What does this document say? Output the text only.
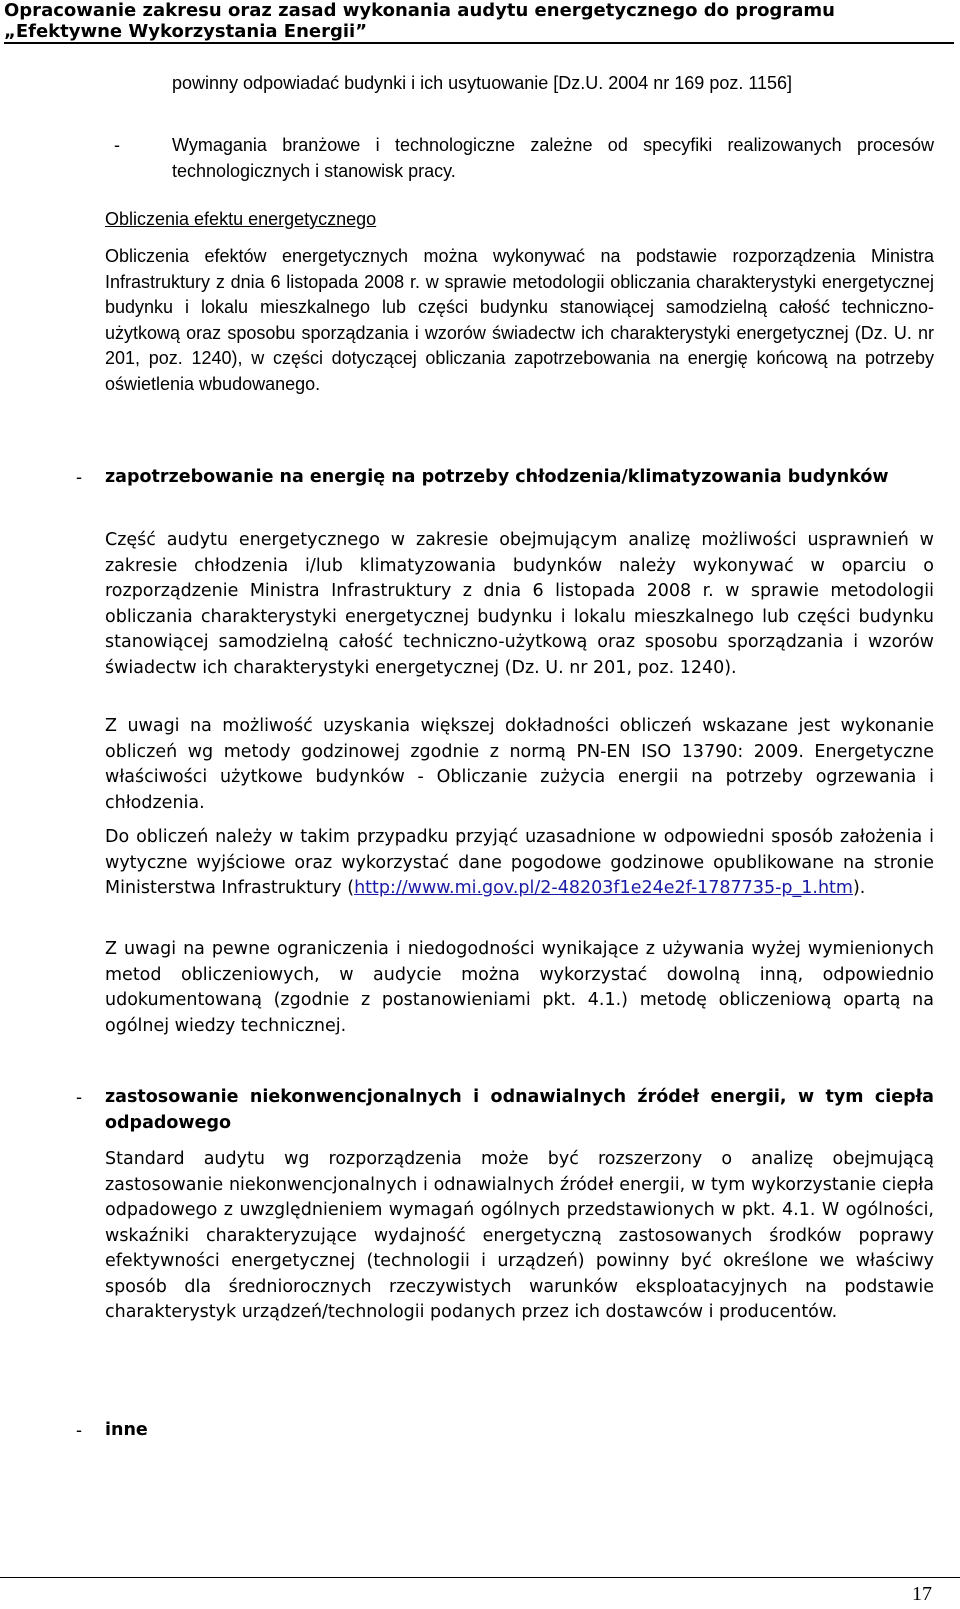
Opracowanie zakresu oraz zasad wykonania audytu energetycznego do programu
„Efektywne Wykorzystania Energii”

powinny odpowiadać budynki i ich usytuowanie [Dz.U. 2004 nr 169 poz. 1156]

-	Wymagania branżowe i technologiczne zależne od specyfiki realizowanych procesów technologicznych i stanowisk pracy.

Obliczenia efektu energetycznego

Obliczenia efektów energetycznych można wykonywać na podstawie rozporządzenia Ministra Infrastruktury z dnia 6 listopada 2008 r. w sprawie metodologii obliczania charakterystyki energetycznej budynku i lokalu mieszkalnego lub części budynku stanowiącej samodzielną całość techniczno-użytkową oraz sposobu sporządzania i wzorów świadectw ich charakterystyki energetycznej (Dz. U. nr 201, poz. 1240), w części dotyczącej obliczania zapotrzebowania na energię końcową na potrzeby oświetlenia wbudowanego.

- zapotrzebowanie na energię na potrzeby chłodzenia/klimatyzowania budynków

Część audytu energetycznego w zakresie obejmującym analizę możliwości usprawnień w zakresie chłodzenia i/lub klimatyzowania budynków należy wykonywać w oparciu o rozporządzenie Ministra Infrastruktury z dnia 6 listopada 2008 r. w sprawie metodologii obliczania charakterystyki energetycznej budynku i lokalu mieszkalnego lub części budynku stanowiącej samodzielną całość techniczno-użytkową oraz sposobu sporządzania i wzorów świadectw ich charakterystyki energetycznej (Dz. U. nr 201, poz. 1240).

Z uwagi na możliwość uzyskania większej dokładności obliczeń wskazane jest wykonanie obliczeń wg metody godzinowej zgodnie z normą PN-EN ISO 13790: 2009. Energetyczne właściwości użytkowe budynków - Obliczanie zużycia energii na potrzeby ogrzewania i chłodzenia.

Do obliczeń należy w takim przypadku przyjąć uzasadnione w odpowiedni sposób założenia i wytyczne wyjściowe oraz wykorzystać dane pogodowe godzinowe opublikowane na stronie Ministerstwa Infrastruktury (http://www.mi.gov.pl/2-48203f1e24e2f-1787735-p_1.htm).

Z uwagi na pewne ograniczenia i niedogodności wynikające z używania wyżej wymienionych metod obliczeniowych, w audycie można wykorzystać dowolną inną, odpowiednio udokumentowaną (zgodnie z postanowieniami pkt. 4.1.) metodę obliczeniową opartą na ogólnej wiedzy technicznej.

- zastosowanie niekonwencjonalnych i odnawialnych źródeł energii, w tym ciepła odpadowego

Standard audytu wg rozporządzenia może być rozszerzony o analizę obejmującą zastosowanie niekonwencjonalnych i odnawialnych źródeł energii, w tym wykorzystanie ciepła odpadowego z uwzględnieniem wymagań ogólnych przedstawionych w pkt. 4.1. W ogólności, wskaźniki charakteryzujące wydajność energetyczną zastosowanych środków poprawy efektywności energetycznej (technologii i urządzeń) powinny być określone we właściwy sposób dla średniorocznych rzeczywistych warunków eksploatacyjnych na podstawie charakterystyk urządzeń/technologii podanych przez ich dostawców i producentów.

- inne

17
